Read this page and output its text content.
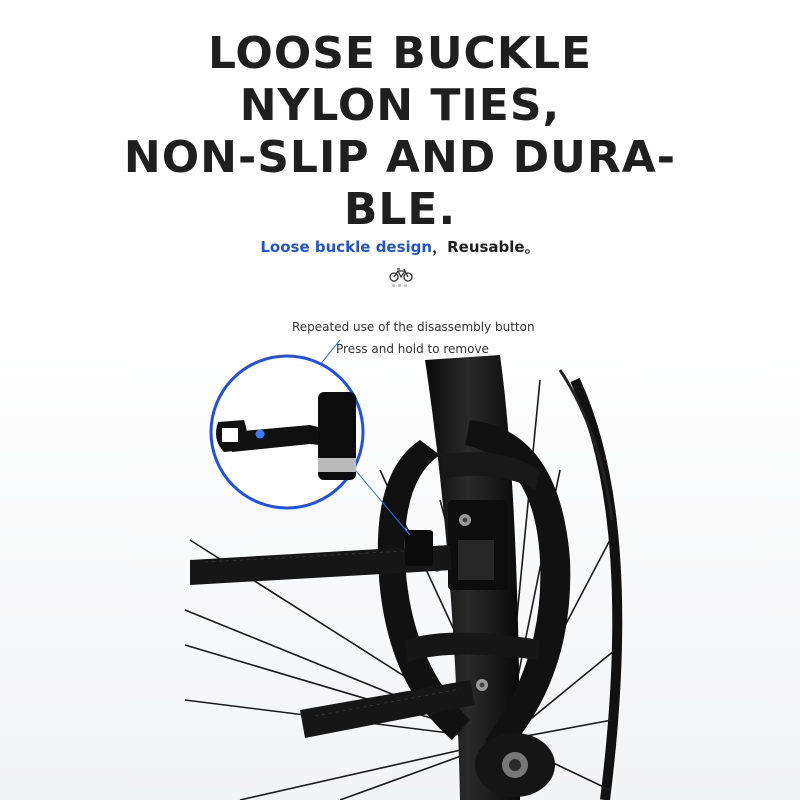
LOOSE BUCKLE
NYLON TIES,
NON-SLIP AND DURA-
BLE.
Loose buckle design，Reusable。
Repeated use of the disassembly button
Press and hold to remove
